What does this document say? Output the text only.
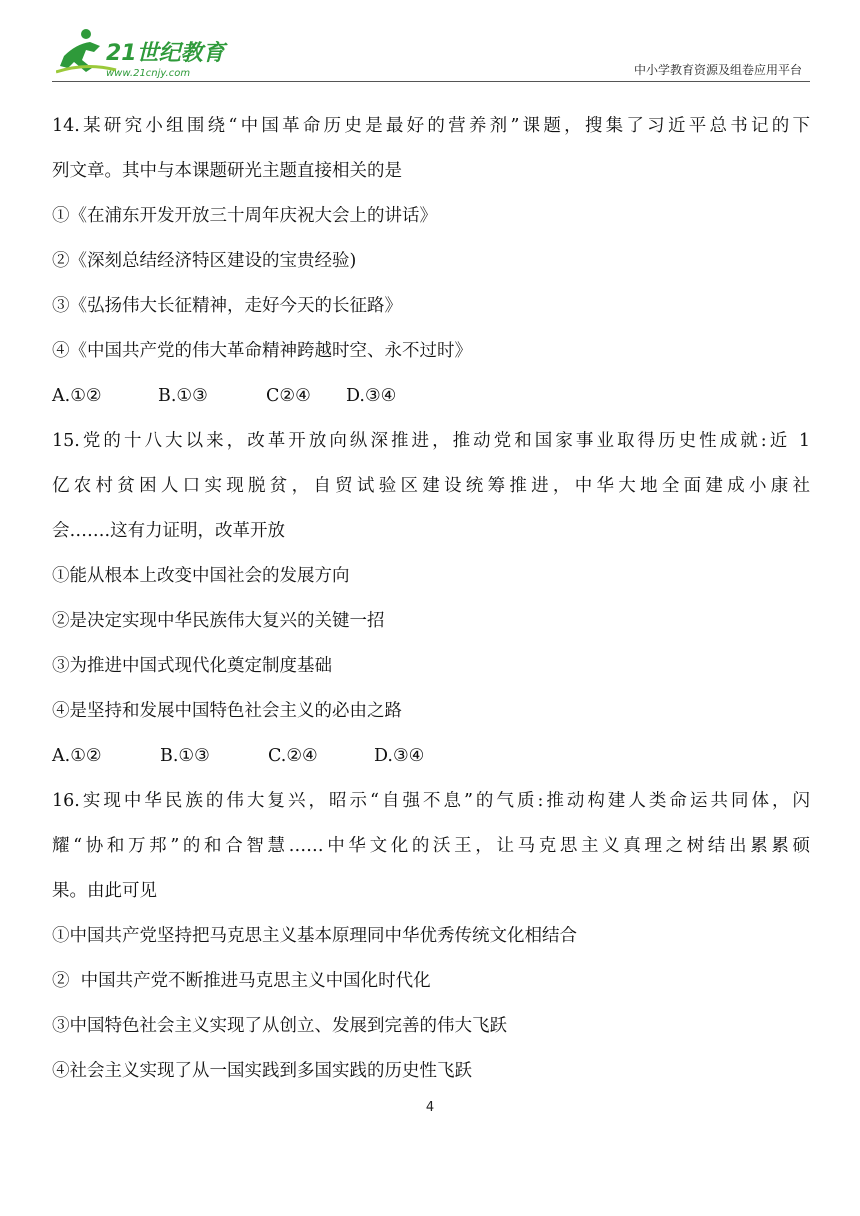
21世纪教育
www.21cnjy.com	中小学教育资源及组卷应用平台
14.某研究小组围绕“中国革命历史是最好的营养剂”课题，搜集了习近平总书记的下
列文章。其中与本课题研光主题直接相关的是
①《在浦东开发开放三十周年庆祝大会上的讲话》
②《深刻总结经济特区建设的宝贵经验)
③《弘扬伟大长征精神，走好今天的长征路》
④《中国共产党的伟大革命精神跨越时空、永不过时》
A.①②	B.①③	C②④	D.③④
15.党的十八大以来，改革开放向纵深推进，推动党和国家事业取得历史性成就:近 1
亿农村贫困人口实现脱贫，自贸试验区建设统筹推进，中华大地全面建成小康社
会…….这有力证明，改革开放
①能从根本上改变中国社会的发展方向
②是决定实现中华民族伟大复兴的关键一招
③为推进中国式现代化奠定制度基础
④是坚持和发展中国特色社会主义的必由之路
A.①②	B.①③	C.②④	D.③④
16.实现中华民族的伟大复兴，昭示“自强不息”的气质:推动构建人类命运共同体，闪
耀“协和万邦”的和合智慧……中华文化的沃王，让马克思主义真理之树结出累累硕
果。由此可见
①中国共产党坚持把马克思主义基本原理同中华优秀传统文化相结合
②  中国共产党不断推进马克思主义中国化时代化
③中国特色社会主义实现了从创立、发展到完善的伟大飞跃
④社会主义实现了从一国实践到多国实践的历史性飞跃
4
